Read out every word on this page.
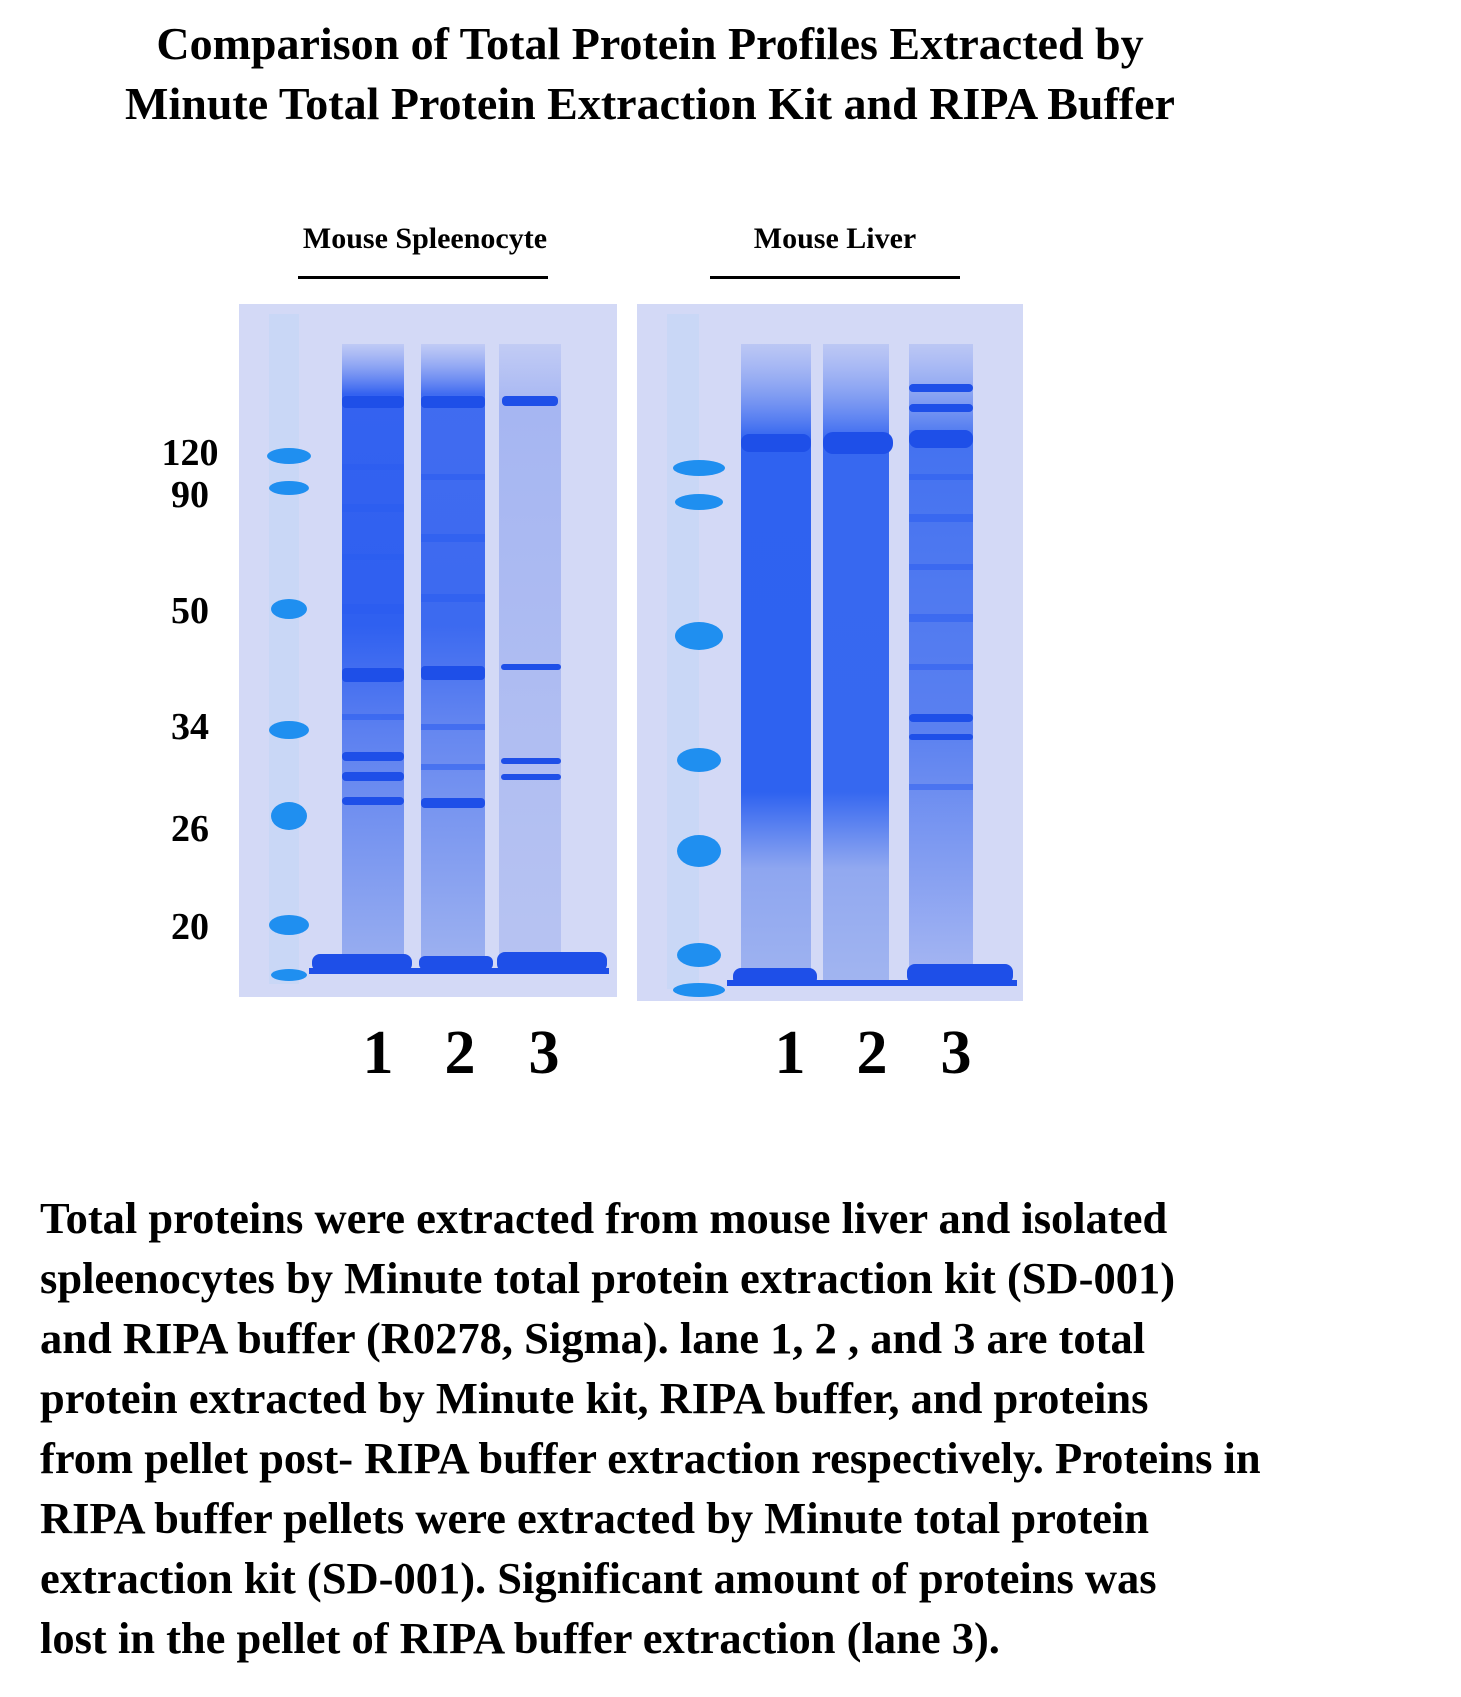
Comparison of Total Protein Profiles Extracted by
Minute Total Protein Extraction Kit and RIPA Buffer
Mouse Spleenocyte	Mouse Liver
120
90
50
34
26
20
1 2 3	1 2 3
Total proteins were extracted from mouse liver and isolated
spleenocytes by Minute total protein extraction kit (SD-001)
and RIPA buffer (R0278, Sigma). lane 1, 2 , and 3 are total
protein extracted by Minute kit, RIPA buffer, and proteins
from pellet post- RIPA buffer extraction respectively. Proteins in
RIPA buffer pellets were extracted by Minute total protein
extraction kit (SD-001). Significant amount of proteins was
lost in the pellet of RIPA buffer extraction (lane 3).
